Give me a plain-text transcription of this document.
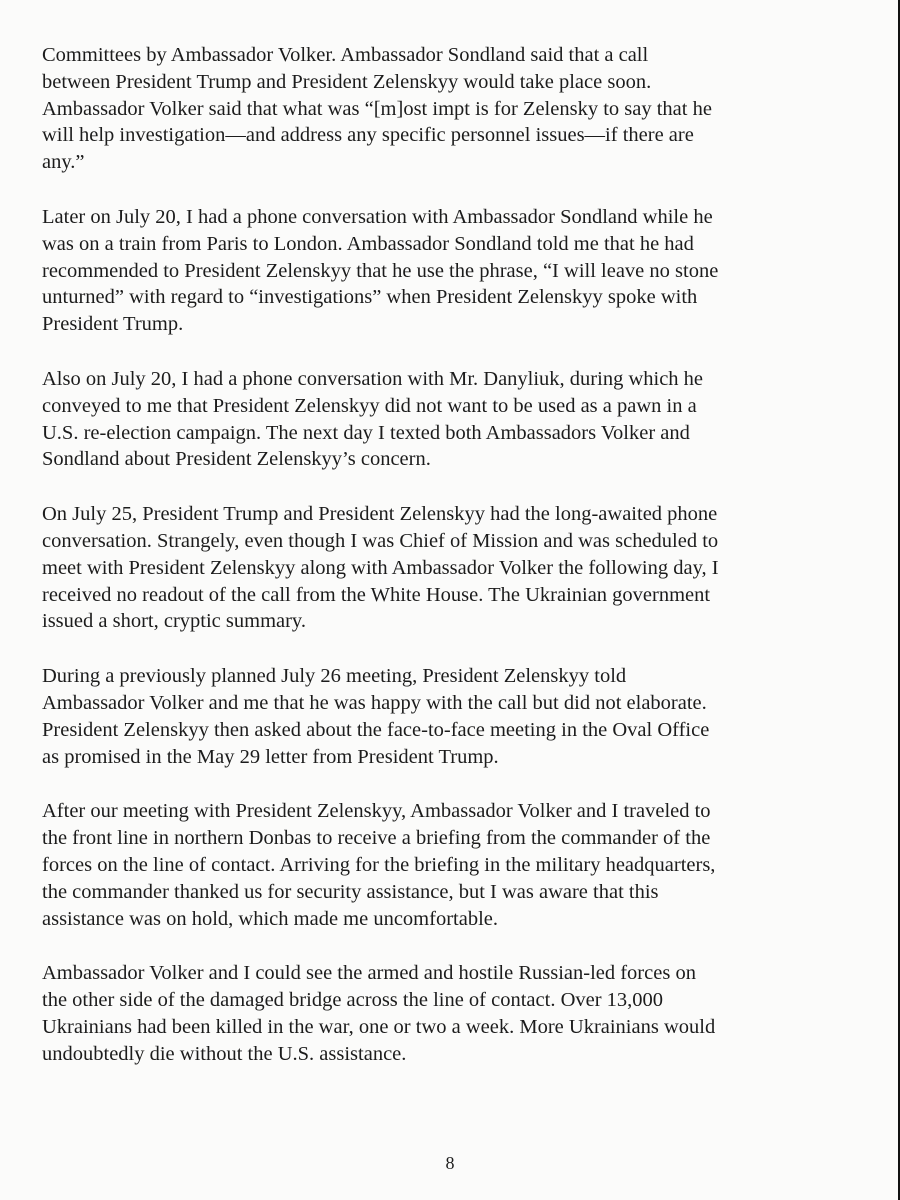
Committees by Ambassador Volker. Ambassador Sondland said that a call
between President Trump and President Zelenskyy would take place soon.
Ambassador Volker said that what was “[m]ost impt is for Zelensky to say that he
will help investigation—and address any specific personnel issues—if there are
any.”

Later on July 20, I had a phone conversation with Ambassador Sondland while he
was on a train from Paris to London. Ambassador Sondland told me that he had
recommended to President Zelenskyy that he use the phrase, “I will leave no stone
unturned” with regard to “investigations” when President Zelenskyy spoke with
President Trump.

Also on July 20, I had a phone conversation with Mr. Danyliuk, during which he
conveyed to me that President Zelenskyy did not want to be used as a pawn in a
U.S. re-election campaign. The next day I texted both Ambassadors Volker and
Sondland about President Zelenskyy’s concern.

On July 25, President Trump and President Zelenskyy had the long-awaited phone
conversation. Strangely, even though I was Chief of Mission and was scheduled to
meet with President Zelenskyy along with Ambassador Volker the following day, I
received no readout of the call from the White House. The Ukrainian government
issued a short, cryptic summary.

During a previously planned July 26 meeting, President Zelenskyy told
Ambassador Volker and me that he was happy with the call but did not elaborate.
President Zelenskyy then asked about the face-to-face meeting in the Oval Office
as promised in the May 29 letter from President Trump.

After our meeting with President Zelenskyy, Ambassador Volker and I traveled to
the front line in northern Donbas to receive a briefing from the commander of the
forces on the line of contact. Arriving for the briefing in the military headquarters,
the commander thanked us for security assistance, but I was aware that this
assistance was on hold, which made me uncomfortable.

Ambassador Volker and I could see the armed and hostile Russian-led forces on
the other side of the damaged bridge across the line of contact. Over 13,000
Ukrainians had been killed in the war, one or two a week. More Ukrainians would
undoubtedly die without the U.S. assistance.

8
